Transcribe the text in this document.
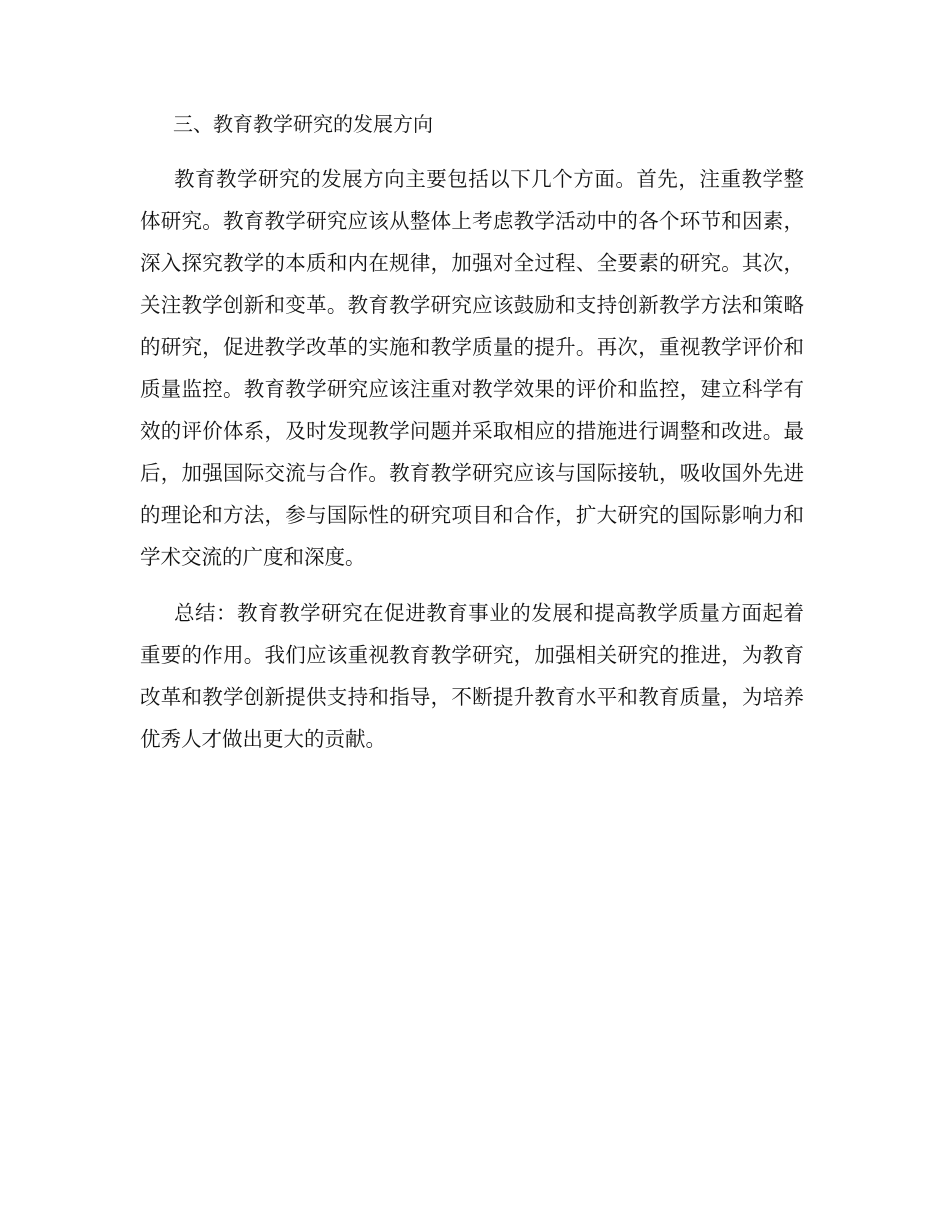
三、教育教学研究的发展方向

教育教学研究的发展方向主要包括以下几个方面。首先，注重教学整体研究。教育教学研究应该从整体上考虑教学活动中的各个环节和因素，深入探究教学的本质和内在规律，加强对全过程、全要素的研究。其次，关注教学创新和变革。教育教学研究应该鼓励和支持创新教学方法和策略的研究，促进教学改革的实施和教学质量的提升。再次，重视教学评价和质量监控。教育教学研究应该注重对教学效果的评价和监控，建立科学有效的评价体系，及时发现教学问题并采取相应的措施进行调整和改进。最后，加强国际交流与合作。教育教学研究应该与国际接轨，吸收国外先进的理论和方法，参与国际性的研究项目和合作，扩大研究的国际影响力和学术交流的广度和深度。

总结：教育教学研究在促进教育事业的发展和提高教学质量方面起着重要的作用。我们应该重视教育教学研究，加强相关研究的推进，为教育改革和教学创新提供支持和指导，不断提升教育水平和教育质量，为培养优秀人才做出更大的贡献。
